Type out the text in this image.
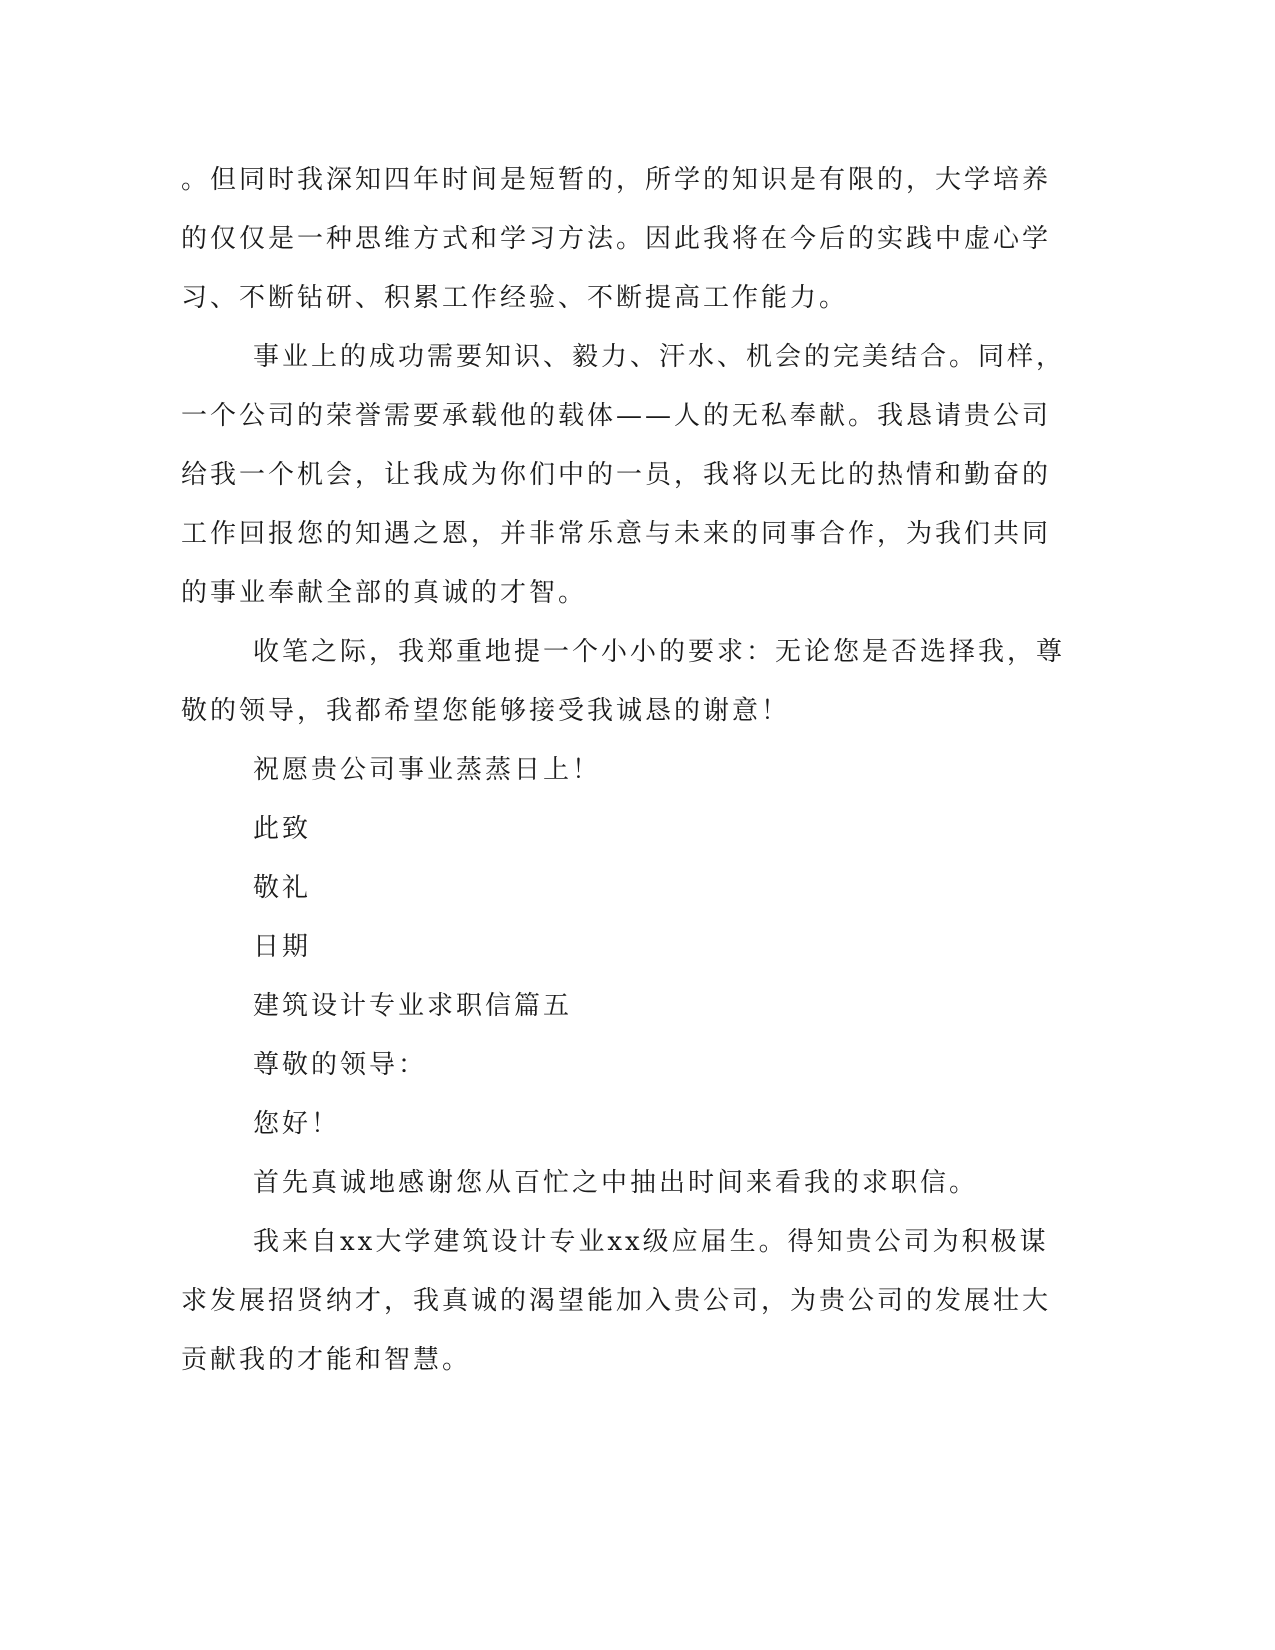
。但同时我深知四年时间是短暂的，所学的知识是有限的，大学培养
的仅仅是一种思维方式和学习方法。因此我将在今后的实践中虚心学
习、不断钻研、积累工作经验、不断提高工作能力。
事业上的成功需要知识、毅力、汗水、机会的完美结合。同样，
一个公司的荣誉需要承载他的载体——人的无私奉献。我恳请贵公司
给我一个机会，让我成为你们中的一员，我将以无比的热情和勤奋的
工作回报您的知遇之恩，并非常乐意与未来的同事合作，为我们共同
的事业奉献全部的真诚的才智。
收笔之际，我郑重地提一个小小的要求：无论您是否选择我，尊
敬的领导，我都希望您能够接受我诚恳的谢意！
祝愿贵公司事业蒸蒸日上！
此致
敬礼
日期
建筑设计专业求职信篇五
尊敬的领导：
您好！
首先真诚地感谢您从百忙之中抽出时间来看我的求职信。
我来自xx大学建筑设计专业xx级应届生。得知贵公司为积极谋
求发展招贤纳才，我真诚的渴望能加入贵公司，为贵公司的发展壮大
贡献我的才能和智慧。
